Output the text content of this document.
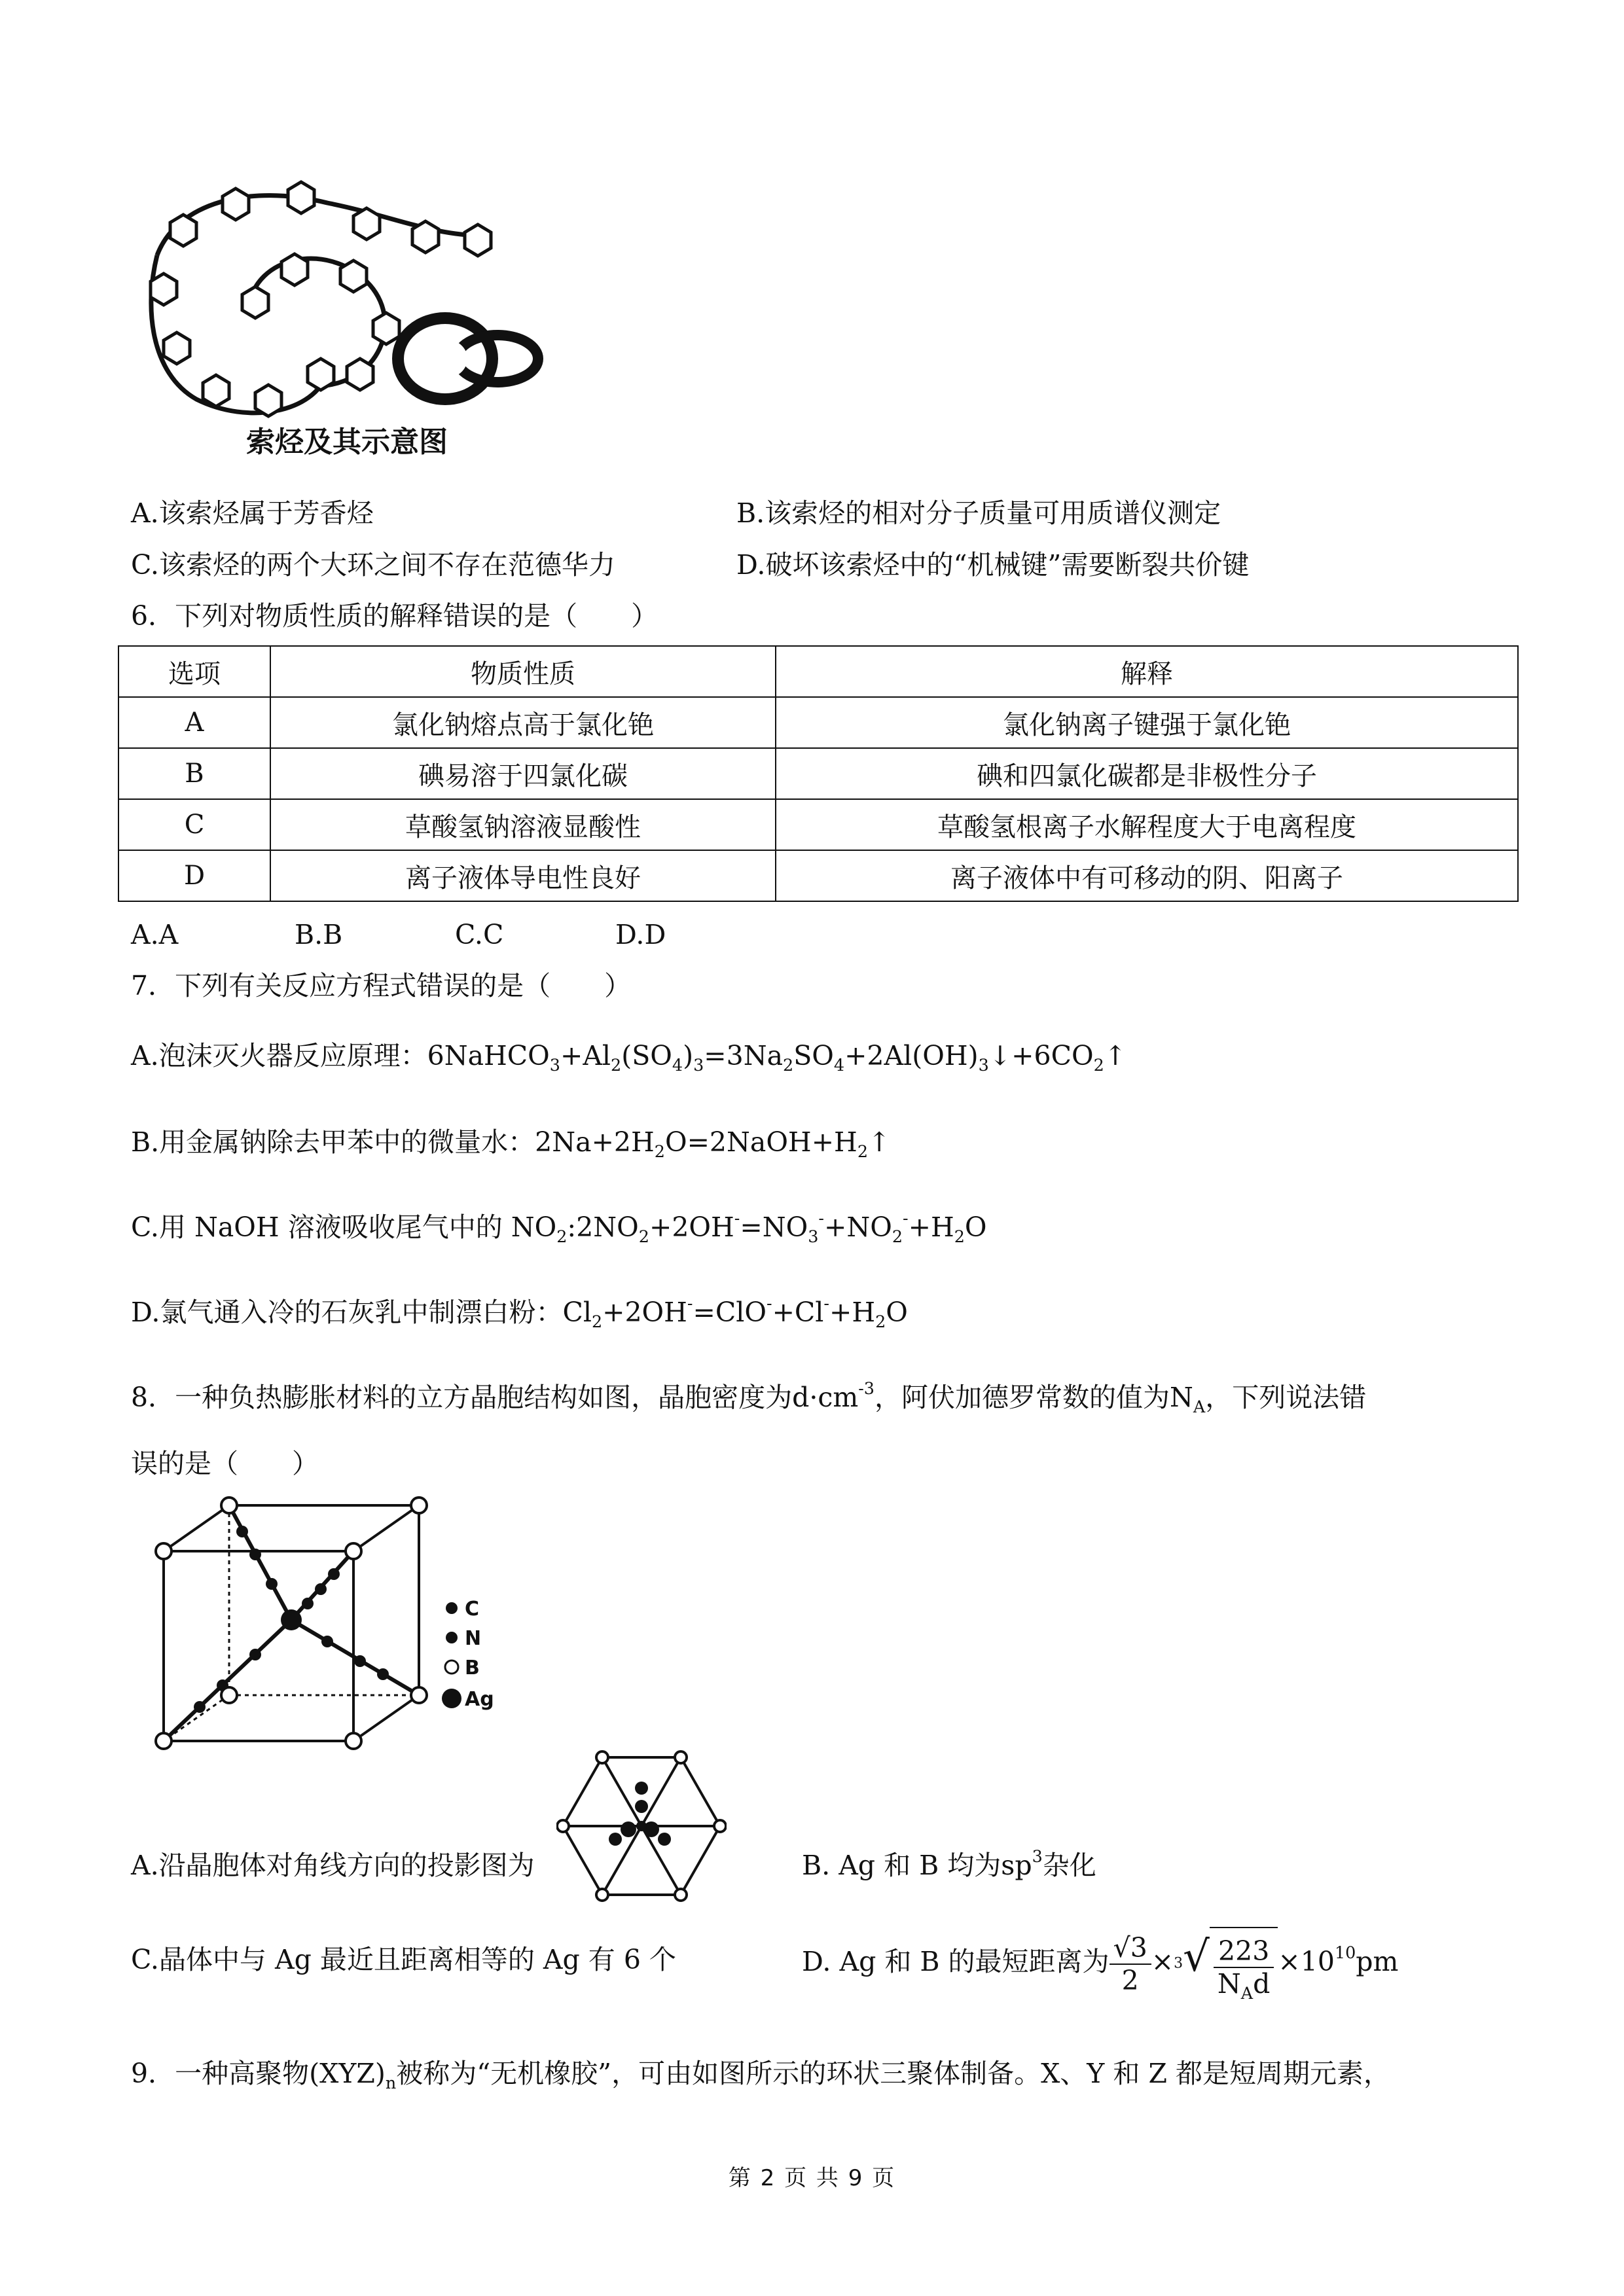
索烃及其示意图
A.该索烃属于芳香烃	B.该索烃的相对分子质量可用质谱仪测定
C.该索烃的两个大环之间不存在范德华力	D.破坏该索烃中的“机械键”需要断裂共价键
6．下列对物质性质的解释错误的是（　　）
选项	物质性质	解释
A	氯化钠熔点高于氯化铯	氯化钠离子键强于氯化铯
B	碘易溶于四氯化碳	碘和四氯化碳都是非极性分子
C	草酸氢钠溶液显酸性	草酸氢根离子水解程度大于电离程度
D	离子液体导电性良好	离子液体中有可移动的阴、阳离子
A.A	B.B	C.C	D.D
7．下列有关反应方程式错误的是（　　）
A.泡沫灭火器反应原理：$6NaHCO_3+Al_2(SO_4)_3=3Na_2SO_4+2Al(OH)_3↓+6CO_2↑$
B.用金属钠除去甲苯中的微量水：$2Na+2H_2O=2NaOH+H_2↑$
C.用 NaOH 溶液吸收尾气中的 $NO_2:2NO_2+2OH^-=NO_3^-+NO_2^-+H_2O$
D.氯气通入冷的石灰乳中制漂白粉：$Cl_2+2OH^-=ClO^-+Cl^-+H_2O$
8．一种负热膨胀材料的立方晶胞结构如图，晶胞密度为$d\cdot cm^{-3}$，阿伏加德罗常数的值为$N_A$，下列说法错
误的是（　　）
C
N
B
Ag
A.沿晶胞体对角线方向的投影图为	B. Ag 和 B 均为$sp^3$杂化
C.晶体中与 Ag 最近且距离相等的 Ag 有 6 个	D. Ag 和 B 的最短距离为 $\frac{√3}{2} \times^3√ \frac{223}{N_Ad} \times 10^{10}pm$
9．一种高聚物$(XYZ)_n$被称为“无机橡胶”，可由如图所示的环状三聚体制备。X、Y 和 Z 都是短周期元素，
第 2 页 共 9 页
